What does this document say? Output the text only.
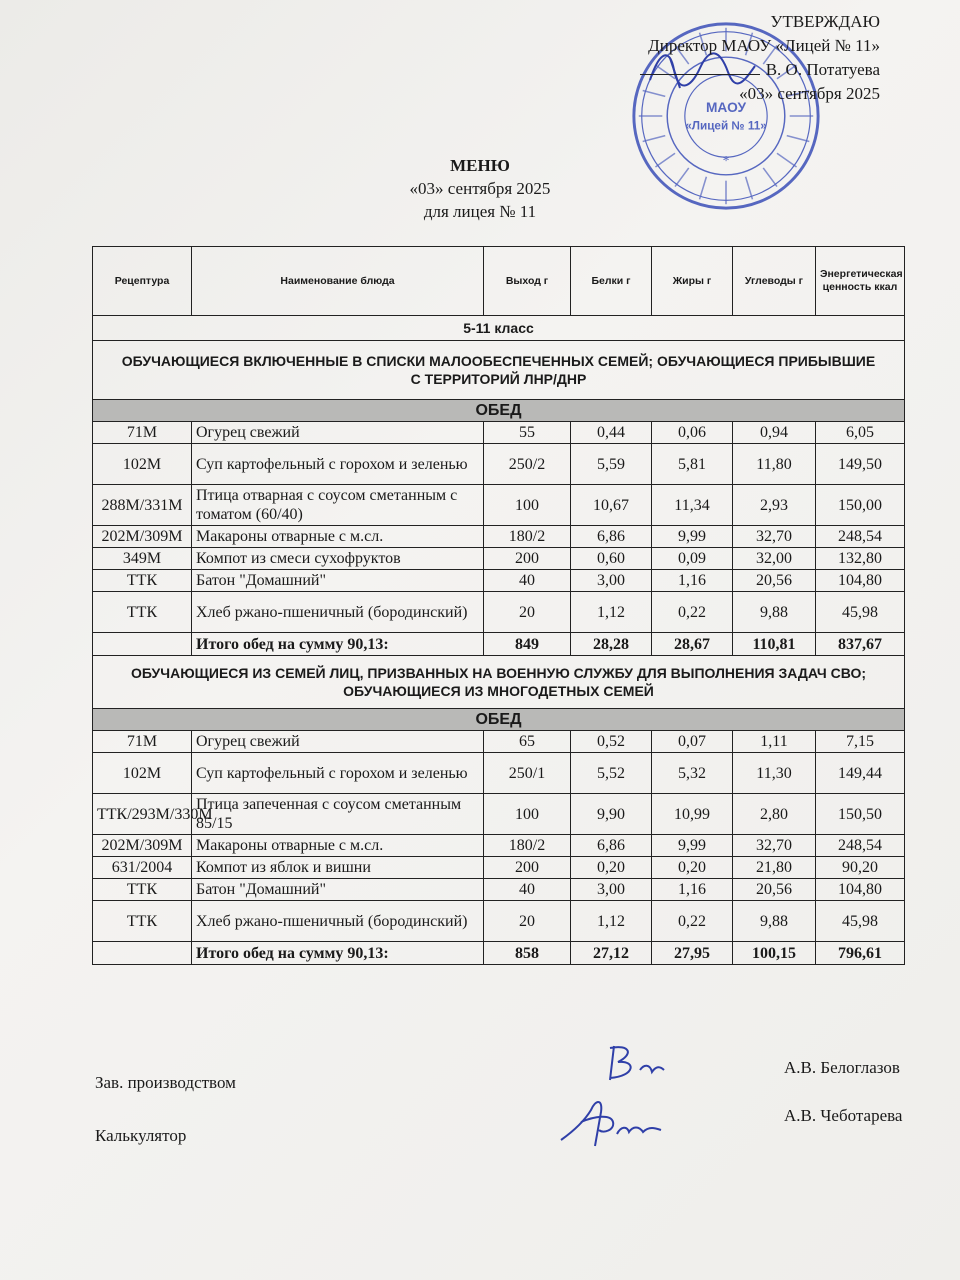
МАОУ
«Лицей № 11»
*
УТВЕРЖДАЮ
Директор МАОУ «Лицей № 11»
В. О. Потатуева
«03» сентября 2025
МЕНЮ
«03» сентября 2025
для лицея № 11
Рецептура	Наименование блюда	Выход г	Белки г	Жиры г	Углеводы г	Энергетическая ценность ккал
5-11 класс						
ОБУЧАЮЩИЕСЯ ВКЛЮЧЕННЫЕ В СПИСКИ МАЛООБЕСПЕЧЕННЫХ СЕМЕЙ; ОБУЧАЮЩИЕСЯ ПРИБЫВШИЕ С ТЕРРИТОРИЙ ЛНР/ДНР						
ОБЕД						
71М	Огурец свежий	55	0,44	0,06	0,94	6,05
102М	Суп картофельный с горохом и зеленью	250/2	5,59	5,81	11,80	149,50
288М/331М	Птица отварная с соусом сметанным с томатом (60/40)	100	10,67	11,34	2,93	150,00
202М/309М	Макароны отварные с м.сл.	180/2	6,86	9,99	32,70	248,54
349М	Компот из смеси сухофруктов	200	0,60	0,09	32,00	132,80
ТТК	Батон "Домашний"	40	3,00	1,16	20,56	104,80
ТТК	Хлеб ржано-пшеничный (бородинский)	20	1,12	0,22	9,88	45,98
	Итого обед на сумму 90,13:	849	28,28	28,67	110,81	837,67
ОБУЧАЮЩИЕСЯ ИЗ СЕМЕЙ ЛИЦ, ПРИЗВАННЫХ НА ВОЕННУЮ СЛУЖБУ ДЛЯ ВЫПОЛНЕНИЯ ЗАДАЧ СВО; ОБУЧАЮЩИЕСЯ ИЗ МНОГОДЕТНЫХ СЕМЕЙ						
ОБЕД						
71М	Огурец свежий	65	0,52	0,07	1,11	7,15
102М	Суп картофельный с горохом и зеленью	250/1	5,52	5,32	11,30	149,44
ТТК/293М/330М	Птица запеченная с соусом сметанным 85/15	100	9,90	10,99	2,80	150,50
202М/309М	Макароны отварные с м.сл.	180/2	6,86	9,99	32,70	248,54
631/2004	Компот из яблок и вишни	200	0,20	0,20	21,80	90,20
ТТК	Батон "Домашний"	40	3,00	1,16	20,56	104,80
ТТК	Хлеб ржано-пшеничный (бородинский)	20	1,12	0,22	9,88	45,98
	Итого обед на сумму 90,13:	858	27,12	27,95	100,15	796,61
Зав. производством
А.В. Белоглазов
Калькулятор
А.В. Чеботарева
